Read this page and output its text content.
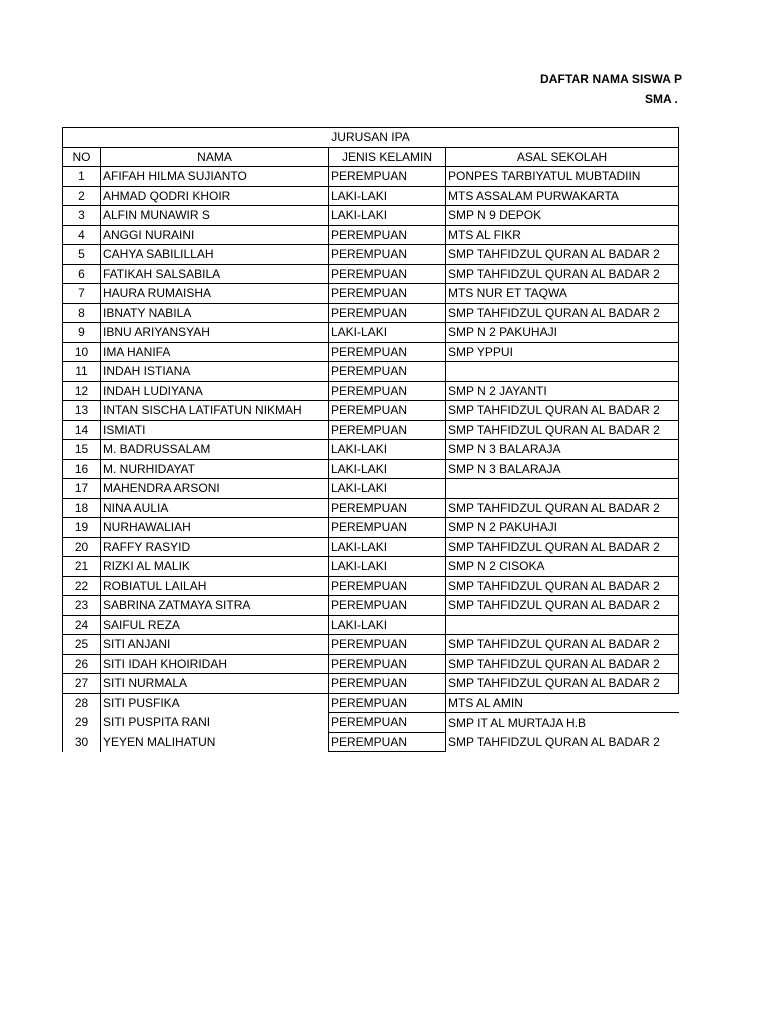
DAFTAR NAMA SISWA P
SMA .
JURUSAN IPA			
NO	NAMA	JENIS KELAMIN	ASAL SEKOLAH
1	AFIFAH HILMA SUJIANTO	PEREMPUAN	PONPES TARBIYATUL MUBTADIIN
2	AHMAD QODRI KHOIR	LAKI-LAKI	MTS ASSALAM PURWAKARTA
3	ALFIN MUNAWIR S	LAKI-LAKI	SMP N 9 DEPOK
4	ANGGI NURAINI	PEREMPUAN	MTS AL FIKR
5	CAHYA SABILILLAH	PEREMPUAN	SMP TAHFIDZUL QURAN AL BADAR 2
6	FATIKAH SALSABILA	PEREMPUAN	SMP TAHFIDZUL QURAN AL BADAR 2
7	HAURA RUMAISHA	PEREMPUAN	MTS NUR ET TAQWA
8	IBNATY NABILA	PEREMPUAN	SMP TAHFIDZUL QURAN AL BADAR 2
9	IBNU ARIYANSYAH	LAKI-LAKI	SMP N 2 PAKUHAJI
10	IMA HANIFA	PEREMPUAN	SMP YPPUI
11	INDAH ISTIANA	PEREMPUAN	
12	INDAH LUDIYANA	PEREMPUAN	SMP N 2 JAYANTI
13	INTAN SISCHA LATIFATUN NIKMAH	PEREMPUAN	SMP TAHFIDZUL QURAN AL BADAR 2
14	ISMIATI	PEREMPUAN	SMP TAHFIDZUL QURAN AL BADAR 2
15	M. BADRUSSALAM	LAKI-LAKI	SMP N 3 BALARAJA
16	M. NURHIDAYAT	LAKI-LAKI	SMP N 3 BALARAJA
17	MAHENDRA ARSONI	LAKI-LAKI	
18	NINA AULIA	PEREMPUAN	SMP TAHFIDZUL QURAN AL BADAR 2
19	NURHAWALIAH	PEREMPUAN	SMP N 2 PAKUHAJI
20	RAFFY RASYID	LAKI-LAKI	SMP TAHFIDZUL QURAN AL BADAR 2
21	RIZKI AL MALIK	LAKI-LAKI	SMP N 2 CISOKA
22	ROBIATUL LAILAH	PEREMPUAN	SMP TAHFIDZUL QURAN AL BADAR 2
23	SABRINA ZATMAYA SITRA	PEREMPUAN	SMP TAHFIDZUL QURAN AL BADAR 2
24	SAIFUL REZA	LAKI-LAKI	
25	SITI ANJANI	PEREMPUAN	SMP TAHFIDZUL QURAN AL BADAR 2
26	SITI IDAH KHOIRIDAH	PEREMPUAN	SMP TAHFIDZUL QURAN AL BADAR 2
27	SITI NURMALA	PEREMPUAN	SMP TAHFIDZUL QURAN AL BADAR 2
28	SITI PUSFIKA	PEREMPUAN	MTS AL AMIN
29	SITI PUSPITA RANI	PEREMPUAN	SMP IT AL MURTAJA H.B
30	YEYEN MALIHATUN	PEREMPUAN	SMP TAHFIDZUL QURAN AL BADAR 2
